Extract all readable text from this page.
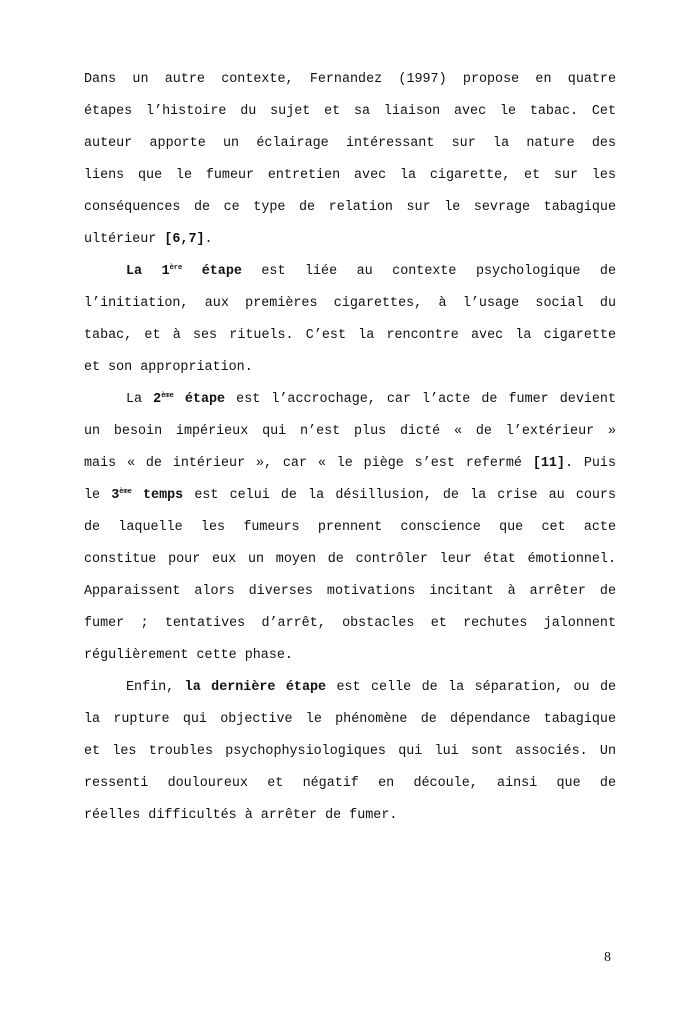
Dans un autre contexte, Fernandez (1997) propose en quatre
étapes l’histoire du sujet et sa liaison avec le tabac. Cet
auteur apporte un éclairage intéressant sur la nature des
liens que le fumeur entretien avec la cigarette, et sur les
conséquences de ce type de relation sur le sevrage tabagique
ultérieur [6,7].
La 1ère étape est liée au contexte psychologique de
l’initiation, aux premières cigarettes, à l’usage social du
tabac, et à ses rituels. C’est la rencontre avec la cigarette
et son appropriation.
La 2ème étape est l’accrochage, car l’acte de fumer devient
un besoin impérieux qui n’est plus dicté « de l’extérieur »
mais « de intérieur », car « le piège s’est refermé [11]. Puis
le 3ème temps est celui de la désillusion, de la crise au cours
de laquelle les fumeurs prennent conscience que cet acte
constitue pour eux un moyen de contrôler leur état émotionnel.
Apparaissent alors diverses motivations incitant à arrêter de
fumer ; tentatives d’arrêt, obstacles et rechutes jalonnent
régulièrement cette phase.
Enfin, la dernière étape est celle de la séparation, ou de
la rupture qui objective le phénomène de dépendance tabagique
et les troubles psychophysiologiques qui lui sont associés. Un
ressenti douloureux et négatif en découle, ainsi que de
réelles difficultés à arrêter de fumer.
8
